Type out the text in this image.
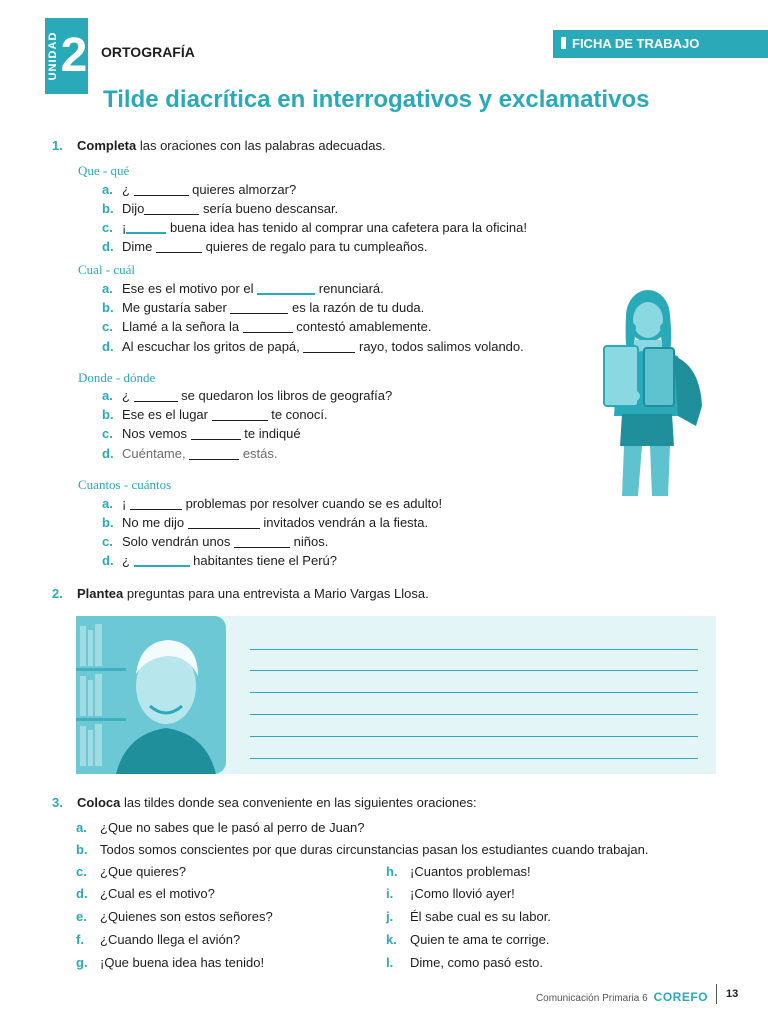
UNIDAD 2 ORTOGRAFÍA
FICHA DE TRABAJO
Tilde diacrítica en interrogativos y exclamativos
1. Completa las oraciones con las palabras adecuadas.
Que - qué
Cual - cuál
Donde - dónde
Cuantos - cuántos
a. ¿	quieres almorzar?
b. Dijo	sería bueno descansar.
c. ¡	buena idea has tenido al comprar una cafetera para la oficina!
d. Dime	quieres de regalo para tu cumpleaños.
a. Ese es el motivo por el	renunciará.
b. Me gustaría saber	es la razón de tu duda.
c. Llamé a la señora la	contestó amablemente.
d. Al escuchar los gritos de papá,	rayo, todos salimos volando.
a. ¿	se quedaron los libros de geografía?
b. Ese es el lugar	te conocí.
c. Nos vemos	te indiqué
d. Cuéntame,	estás.
a. ¡	problemas por resolver cuando se es adulto!
b. No me dijo	invitados vendrán a la fiesta.
c. Solo vendrán unos	niños.
d. ¿	habitantes tiene el Perú?
2. Plantea preguntas para una entrevista a Mario Vargas Llosa.
3. Coloca las tildes donde sea conveniente en las siguientes oraciones:
a. ¿Que no sabes que le pasó al perro de Juan?
b. Todos somos conscientes por que duras circunstancias pasan los estudiantes cuando trabajan.
c. ¿Que quieres?
d. ¿Cual es el motivo?
e. ¿Quienes son estos señores?
f. ¿Cuando llega el avión?
g. ¡Que buena idea has tenido!
h. ¡Cuantos problemas!
i. ¡Como llovió ayer!
j. Él sabe cual es su labor.
k. Quien te ama te corrige.
l. Dime, como pasó esto.
Comunicación Primaria 6 COREFO 13
